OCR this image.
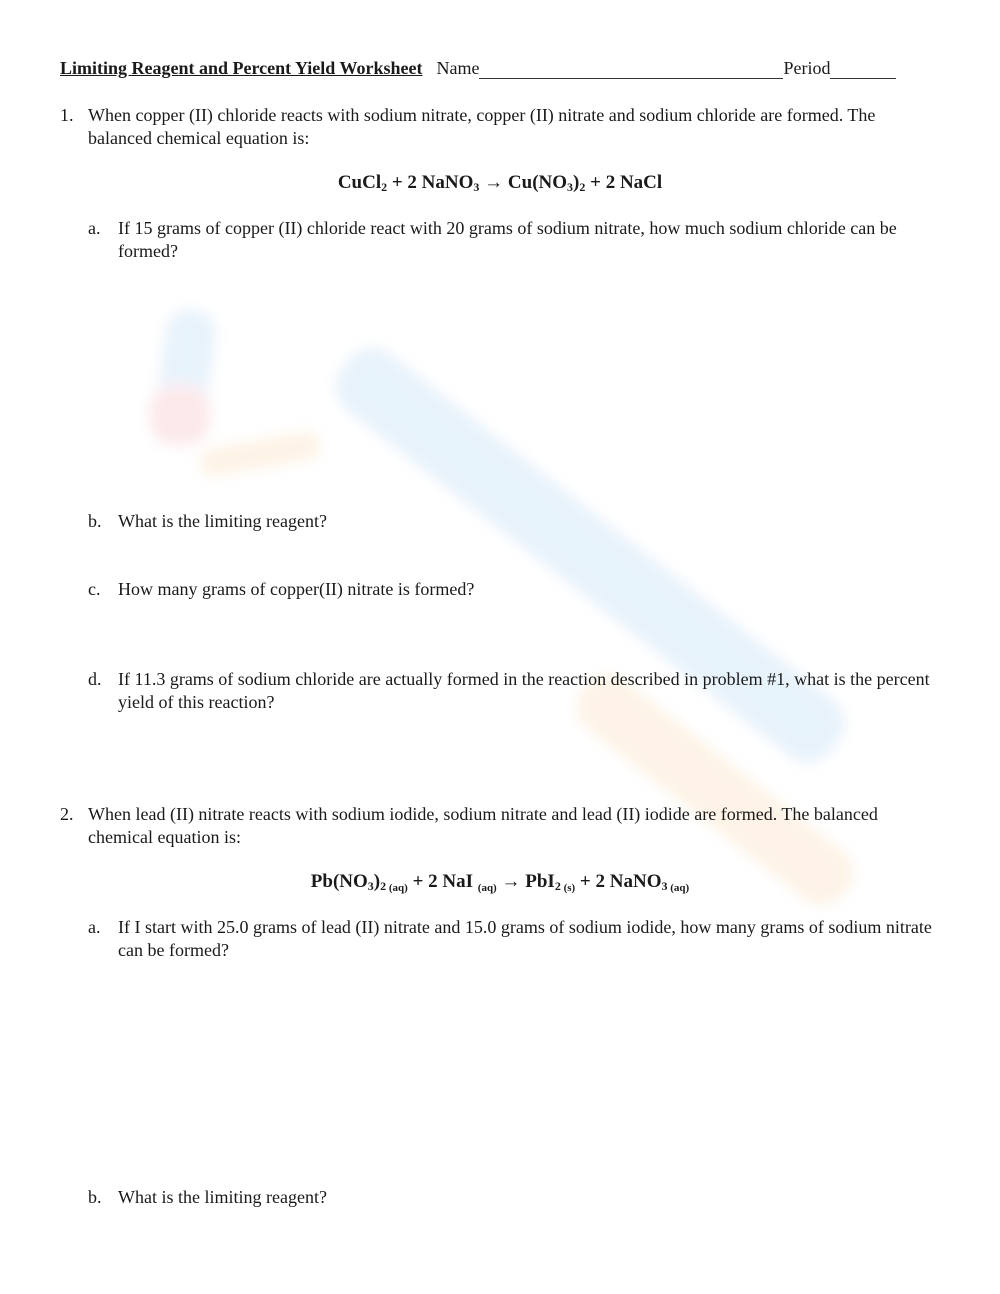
Limiting Reagent and Percent Yield Worksheet Name	Period
1. When copper (II) chloride reacts with sodium nitrate, copper (II) nitrate and sodium chloride are formed. The balanced chemical equation is:
CuCl$_2$ + 2 NaNO$_3$ → $Cu(NO_3)_2 + 2$ NaCl
a. If 15 grams of copper (II) chloride react with 20 grams of sodium nitrate, how much sodium chloride can be formed?
b. What is the limiting reagent?
c. How many grams of copper(II) nitrate is formed?
d. If 11.3 grams of sodium chloride are actually formed in the reaction described in problem #1, what is the percent yield of this reaction?
2. When lead (II) nitrate reacts with sodium iodide, sodium nitrate and lead (II) iodide are formed. The balanced chemical equation is:
$Pb(NO_3)_2$ $_{(aq)}$ + 2 NaI $_{(aq)}$ → PbI$_2$ $_{(s)}$ + 2 NaNO$_3$ $_{(aq)}$
a. If I start with 25.0 grams of lead (II) nitrate and 15.0 grams of sodium iodide, how many grams of sodium nitrate can be formed?
b. What is the limiting reagent?
